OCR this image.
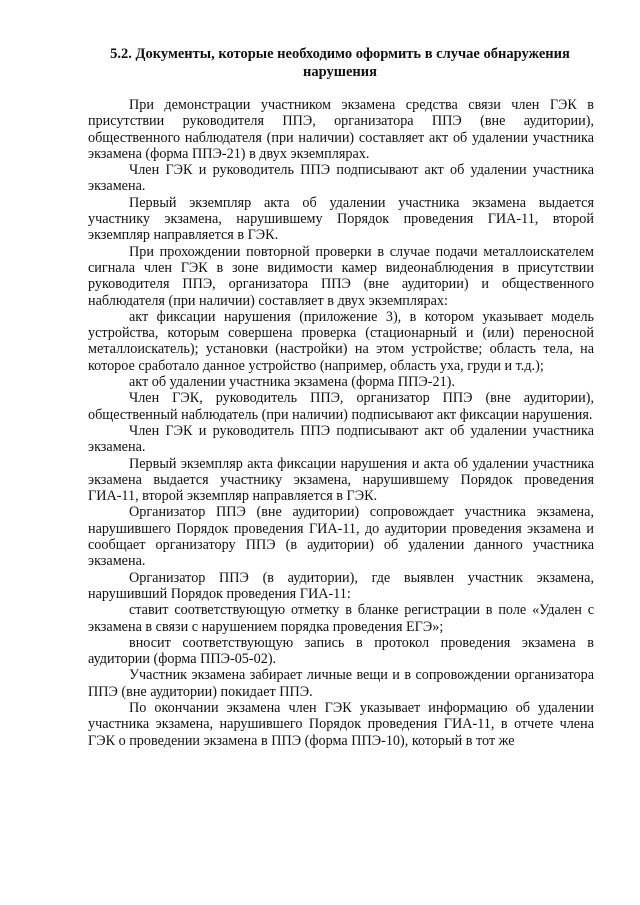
5.2. Документы, которые необходимо оформить в случае обнаружения нарушения

При демонстрации участником экзамена средства связи член ГЭК в присутствии руководителя ППЭ, организатора ППЭ (вне аудитории), общественного наблюдателя (при наличии) составляет акт об удалении участника экзамена (форма ППЭ-21) в двух экземплярах.

Член ГЭК и руководитель ППЭ подписывают акт об удалении участника экзамена.

Первый экземпляр акта об удалении участника экзамена выдается участнику экзамена, нарушившему Порядок проведения ГИА-11, второй экземпляр направляется в ГЭК.

При прохождении повторной проверки в случае подачи металлоискателем сигнала член ГЭК в зоне видимости камер видеонаблюдения в присутствии руководителя ППЭ, организатора ППЭ (вне аудитории) и общественного наблюдателя (при наличии) составляет в двух экземплярах:

акт фиксации нарушения (приложение 3), в котором указывает модель устройства, которым совершена проверка (стационарный и (или) переносной металлоискатель); установки (настройки) на этом устройстве; область тела, на которое сработало данное устройство (например, область уха, груди и т.д.);

акт об удалении участника экзамена (форма ППЭ-21).

Член ГЭК, руководитель ППЭ, организатор ППЭ (вне аудитории), общественный наблюдатель (при наличии) подписывают акт фиксации нарушения.

Член ГЭК и руководитель ППЭ подписывают акт об удалении участника экзамена.

Первый экземпляр акта фиксации нарушения и акта об удалении участника экзамена выдается участнику экзамена, нарушившему Порядок проведения ГИА-11, второй экземпляр направляется в ГЭК.

Организатор ППЭ (вне аудитории) сопровождает участника экзамена, нарушившего Порядок проведения ГИА-11, до аудитории проведения экзамена и сообщает организатору ППЭ (в аудитории) об удалении данного участника экзамена.

Организатор ППЭ (в аудитории), где выявлен участник экзамена, нарушивший Порядок проведения ГИА-11:

ставит соответствующую отметку в бланке регистрации в поле «Удален с экзамена в связи с нарушением порядка проведения ЕГЭ»;

вносит соответствующую запись в протокол проведения экзамена в аудитории (форма ППЭ-05-02).

Участник экзамена забирает личные вещи и в сопровождении организатора ППЭ (вне аудитории) покидает ППЭ.

По окончании экзамена член ГЭК указывает информацию об удалении участника экзамена, нарушившего Порядок проведения ГИА-11, в отчете члена ГЭК о проведении экзамена в ППЭ (форма ППЭ-10), который в тот же
